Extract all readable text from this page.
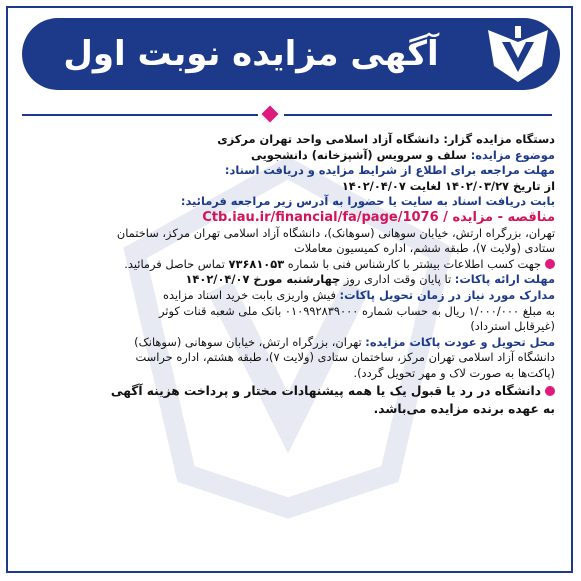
آگهی مزایده نوبت اول
دستگاه مزایده گزار: دانشگاه آزاد اسلامی واحد تهران مرکزی
موضوع مزایده: سلف و سرویس (آشپزخانه) دانشجویی
مهلت مراجعه برای اطلاع از شرایط مزایده و دریافت اسناد:
از تاریخ ۱۴۰۲/۰۳/۲۷ لغایت ۱۴۰۲/۰۴/۰۷
بابت دریافت اسناد به سایت یا حضورا به آدرس زیر مراجعه فرمائید:
مناقصه - مزایده / Ctb.iau.ir/financial/fa/page/1076
تهران، بزرگراه ارتش، خیابان سوهانی (سوهانک)، دانشگاه آزاد اسلامی تهران مرکز، ساختمان
ستادی (ولایت ۷)، طبقه ششم، اداره کمیسیون معاملات
جهت کسب اطلاعات بیشتر با کارشناس فنی با شماره ۷۳۶۸۱۰۵۳ تماس حاصل فرمائید.
مهلت ارائه پاکات: تا پایان وقت اداری روز چهارشنبه مورخ ۱۴۰۲/۰۴/۰۷
مدارک مورد نیاز در زمان تحویل پاکات: فیش واریزی بابت خرید اسناد مزایده
به مبلغ ۱/۰۰۰/۰۰۰ ریال به حساب شماره ۰۱۰۹۹۲۸۳۹۰۰۰ بانک ملی شعبه قنات کوثر
(غیرقابل استرداد)
محل تحویل و عودت پاکات مزایده: تهران، بزرگراه ارتش، خیابان سوهانی (سوهانک)
دانشگاه آزاد اسلامی تهران مرکز، ساختمان ستادی (ولایت ۷)، طبقه هشتم، اداره حراست
(پاکت‌ها به صورت لاک و مهر تحویل گردد).
دانشگاه در رد یا قبول یک یا همه پیشنهادات مختار و پرداخت هزینه آگهی
به عهده برنده مزایده می‌باشد.
